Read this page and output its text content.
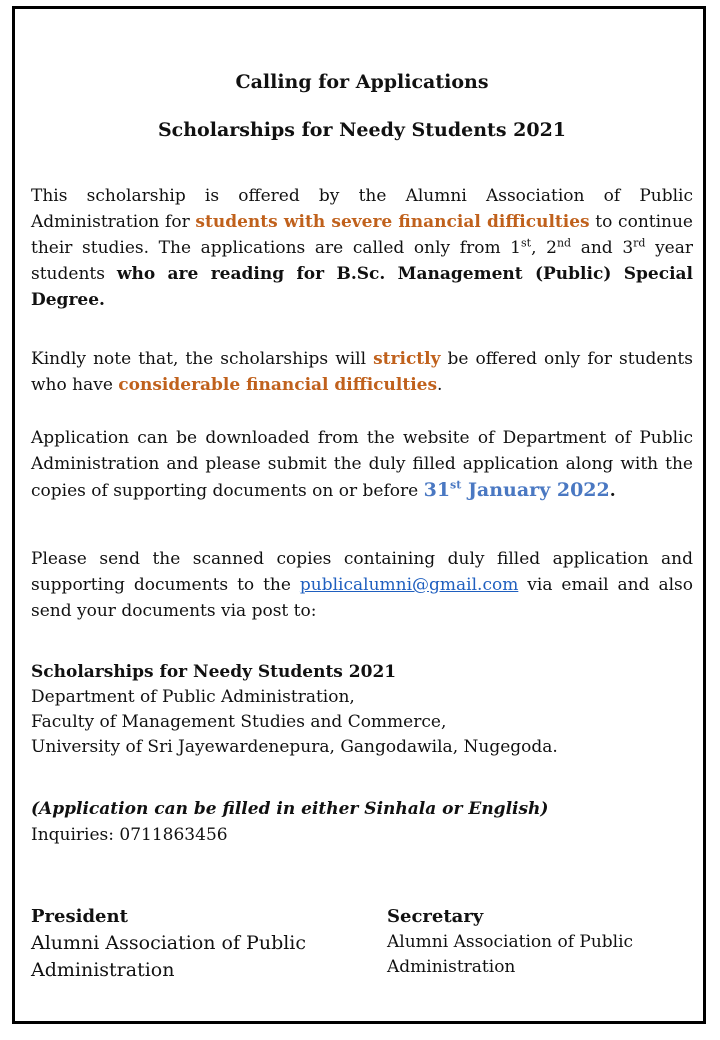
Calling for Applications
Scholarships for Needy Students 2021

This scholarship is offered by the Alumni Association of Public Administration for students with severe financial difficulties to continue their studies. The applications are called only from 1st, 2nd and 3rd year students who are reading for B.Sc. Management (Public) Special Degree.

Kindly note that, the scholarships will strictly be offered only for students who have considerable financial difficulties.

Application can be downloaded from the website of Department of Public Administration and please submit the duly filled application along with the copies of supporting documents on or before 31st January 2022.

Please send the scanned copies containing duly filled application and supporting documents to the publicalumni@gmail.com via email and also send your documents via post to:

Scholarships for Needy Students 2021
Department of Public Administration,
Faculty of Management Studies and Commerce,
University of Sri Jayewardenepura, Gangodawila, Nugegoda.
(Application can be filled in either Sinhala or English)
Inquiries: 0711863456
President
Alumni Association of Public
Administration
Secretary
Alumni Association of Public
Administration
